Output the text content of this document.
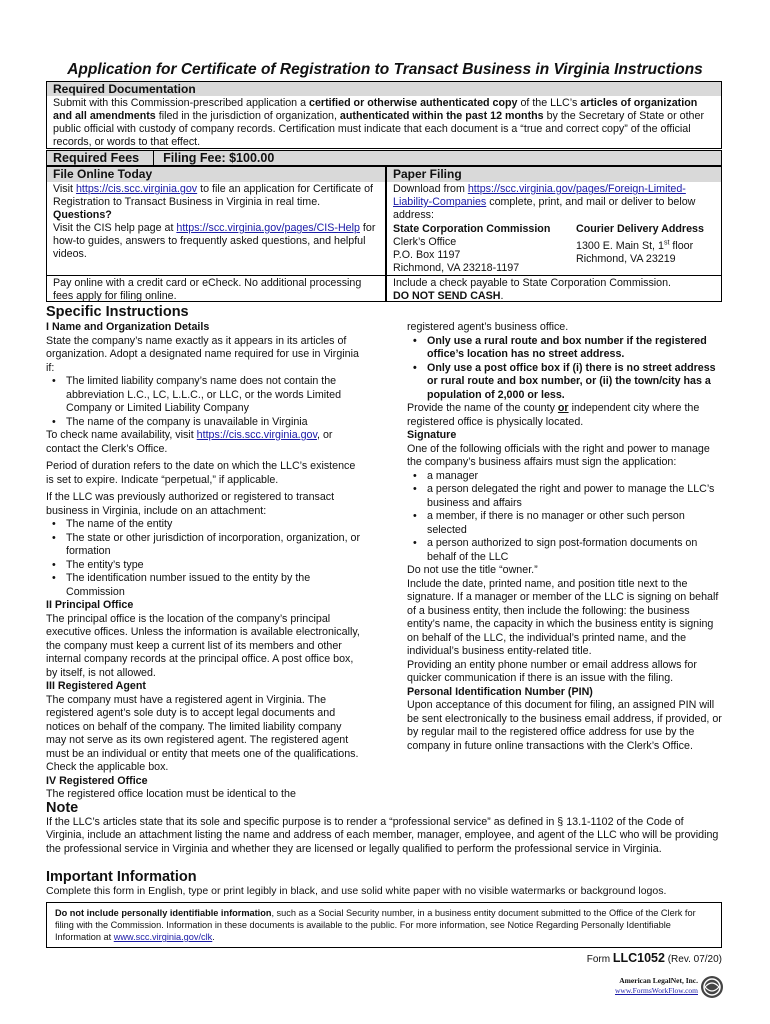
Application for Certificate of Registration to Transact Business in Virginia Instructions
Required Documentation
Submit with this Commission-prescribed application a certified or otherwise authenticated copy of the LLC’s articles of organization and all amendments filed in the jurisdiction of organization, authenticated within the past 12 months by the Secretary of State or other public official with custody of company records. Certification must indicate that each document is a “true and correct copy” of the official records, or words to that effect.
Required Fees Filing Fee: $100.00
File Online Today
Visit https://cis.scc.virginia.gov to file an application for Certificate of Registration to Transact Business in Virginia in real time.
Questions?
Visit the CIS help page at https://scc.virginia.gov/pages/CIS-Help for how-to guides, answers to frequently asked questions, and helpful videos.
Pay online with a credit card or eCheck. No additional processing fees apply for filing online.
Paper Filing
Download from https://scc.virginia.gov/pages/Foreign-Limited-Liability-Companies complete, print, and mail or deliver to below address:
State Corporation Commission
Clerk’s Office
P.O. Box 1197
Richmond, VA 23218-1197
Courier Delivery Address
1300 E. Main St, 1st floor
Richmond, VA 23219
Include a check payable to State Corporation Commission.
DO NOT SEND CASH.
Specific Instructions
I Name and Organization Details
State the company’s name exactly as it appears in its articles of organization. Adopt a designated name required for use in Virginia if:
• The limited liability company’s name does not contain the abbreviation L.C., LC, L.L.C., or LLC, or the words Limited Company or Limited Liability Company
• The name of the company is unavailable in Virginia
To check name availability, visit https://cis.scc.virginia.gov, or contact the Clerk’s Office.
Period of duration refers to the date on which the LLC’s existence is set to expire. Indicate “perpetual,” if applicable.
If the LLC was previously authorized or registered to transact business in Virginia, include on an attachment:
• The name of the entity
• The state or other jurisdiction of incorporation, organization, or formation
• The entity’s type
• The identification number issued to the entity by the Commission
II Principal Office
The principal office is the location of the company’s principal executive offices. Unless the information is available electronically, the company must keep a current list of its members and other internal company records at the principal office. A post office box, by itself, is not allowed.
III Registered Agent
The company must have a registered agent in Virginia. The registered agent’s sole duty is to accept legal documents and notices on behalf of the company. The limited liability company may not serve as its own registered agent. The registered agent must be an individual or entity that meets one of the qualifications. Check the applicable box.
IV Registered Office
The registered office location must be identical to the
registered agent’s business office.
• Only use a rural route and box number if the registered office’s location has no street address.
• Only use a post office box if (i) there is no street address or rural route and box number, or (ii) the town/city has a population of 2,000 or less.
Provide the name of the county or independent city where the registered office is physically located.
Signature
One of the following officials with the right and power to manage the company’s business affairs must sign the application:
• a manager
• a person delegated the right and power to manage the LLC’s business and affairs
• a member, if there is no manager or other such person selected
• a person authorized to sign post-formation documents on behalf of the LLC
Do not use the title “owner.”
Include the date, printed name, and position title next to the signature. If a manager or member of the LLC is signing on behalf of a business entity, then include the following: the business entity’s name, the capacity in which the business entity is signing on behalf of the LLC, the individual’s printed name, and the individual’s business entity-related title.
Providing an entity phone number or email address allows for quicker communication if there is an issue with the filing.
Personal Identification Number (PIN)
Upon acceptance of this document for filing, an assigned PIN will be sent electronically to the business email address, if provided, or by regular mail to the registered office address for use by the company in future online transactions with the Clerk’s Office.
Note
If the LLC’s articles state that its sole and specific purpose is to render a “professional service” as defined in § 13.1-1102 of the Code of Virginia, include an attachment listing the name and address of each member, manager, employee, and agent of the LLC who will be providing the professional service in Virginia and whether they are licensed or legally qualified to perform the professional service in Virginia.
Important Information
Complete this form in English, type or print legibly in black, and use solid white paper with no visible watermarks or background logos.
Do not include personally identifiable information, such as a Social Security number, in a business entity document submitted to the Office of the Clerk for filing with the Commission. Information in these documents is available to the public. For more information, see Notice Regarding Personally Identifiable Information at www.scc.virginia.gov/clk.
Form LLC1052 (Rev. 07/20)
American LegalNet, Inc.
www.FormsWorkFlow.com
